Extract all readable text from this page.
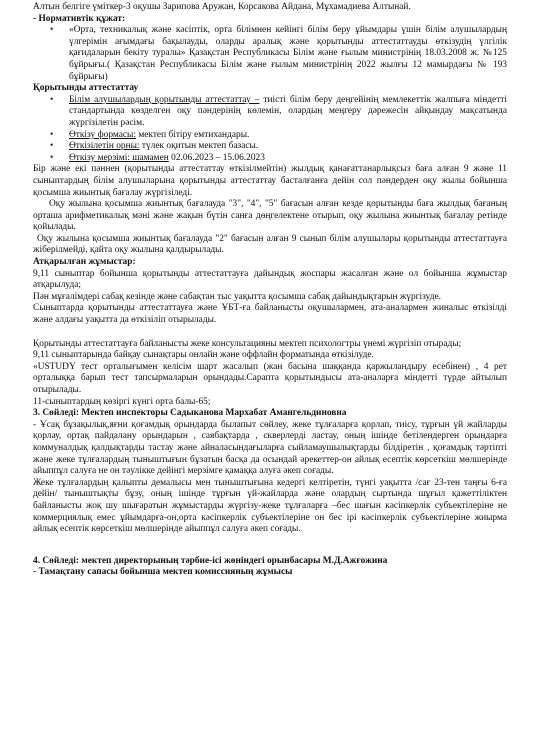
Алтын белгіге үміткер-3 оқушы Зарипова Аружан, Корсакова Айдана, Мұхамадиева Алтынай.

- Нормативтік құжат:

• «Орта, техникалық және кәсіптік, орта білімнен кейінгі білім беру ұйымдары үшін білім алушылардың үлгерімін ағымдағы бақылауды, оларды аралық және қорытынды аттестаттауды өткізудің үлгілік қағидаларын бекіту туралы» Қазақстан Республикасы Білім және ғылым министрінің 18.03.2008 ж. №125 бұйрығы.( Қазақстан Республикасы Білім және ғылым министрінің 2022 жылғы 12 мамырдағы № 193 бұйрығы)

Қорытынды аттестаттау

• Білім алушылардың қорытынды аттестаттау – тиісті білім беру деңгейінің мемлекеттік жалпыға міндетті стандартында көзделген оқу пәндерінің көлемін, олардың меңгеру дәрежесін айқындау мақсатында жүргізілетін рәсім.
• Өткізу формасы: мектеп бітіру емтихандары.
• Өткізілетін орны: түлек оқитын мектеп базасы.
• Өткізу мерзімі: шамамен 02.06.2023 – 15.06.2023

Бір және екі пәннен (қорытынды аттестаттау өткізілмейтін) жылдық қанағаттанарлықсыз баға алған 9 және 11 сыныптардың білім алушыларына қорытынды аттестаттау басталғанға дейін сол пәндерден оқу жылы бойынша қосымша жиынтық бағалау жүргізіледі.

Оқу жылына қосымша жиынтық бағалауда "3", "4", "5" бағасын алған кезде қорытынды баға жылдық бағаның орташа арифметикалық мәні және жақын бүтін санға дөңгелектене отырып, оқу жылына жиынтық бағалау ретінде қойылады.

Оқу жылына қосымша жиынтық бағалауда "2" бағасын алған 9 сынып білім алушылары қорытынды аттестаттауға жіберілмейді, қайта оқу жылына қалдырылады.

Атқарылған жұмыстар:

9,11 сыныптар бойынша қорытынды аттестаттауға дайындық жоспары жасалған және ол бойынша жұмыстар атқарылуда;

Пән мұғалімдері сабақ кезінде және сабақтан тыс уақытта қосымша сабақ дайындықтарын жүргізуде.

Сыныптарда қорытынды аттестаттауға және ҰБТ-ға байланысты оқушылармен, ата-аналармен жиналыс өткізілді және алдағы уақытта да өткізіліп отырылады.

Қорытынды аттестаттауға байланысты жеке консультацияны мектеп психологтры үнемі жүргізіп отырады;

9,11 сыныптарында байқау сынақтары онлайн және оффлайн форматында өткізілуде.

«USTUDY тест орталығымен келісім шарт жасалып (жан басына шаққанда қаржыландыру есебінен) , 4 рет орталыққа барып тест тапсырмаларын орындады.Сарапта қорытындысы ата-аналарға міндетті түрде айтылып отырылады.

11-сыныптардың көзіргі күнгі орта балы-65;

3. Сөйледі: Мектеп инспекторы Садыканова Мархабат Амангельдиновна

- Ұсақ бұзақылық,яғни қоғамдық орындарда былапыт сөйлеу, жеке тұлғаларға қорлап, тиісу, тұрғын үй жайларды қорлау, ортақ пайдалану орындарын , саябақтарда , скверлерді ластау, оның ішінде бетілендерген орындарға коммуналдық қалдықтарды тастау және айналасындағыларға сыйламаушылықтарды білдіретін , қоғамдық тәртіпті және жеке тұлғалардың тыныштығын бұзатын басқа да осындай әрекеттер-он айлық есептік көрсеткіш мөлшерінде айыппұл салуға не он тәулікке дейінгі мерзімге қамаққа алуға әкеп соғады.

Жеке тұлғалардың қалыпты демалысы мен тыныштығына кедергі келтіретін, түнгі уақытта /сағ 23-тен таңғы 6-ға дейін/ тыныштықты бұзу, оның ішінде тұрғын үй-жайларда және олардың сыртында шұғыл қажеттіліктен байланысты жоқ шу шығаратын жұмыстарды жүргізу-жеке тұлғаларға –бес шағын кәсіпкерлік субъектілеріне не коммерциялық емес ұйымдарға-он,орта кәсіпкерлік субъектілеріне он бес ірі кәсіпкерлік субъектілеріне жиырма айлық есептік көрсеткіш мөлшерінде айыппұл салуға әкеп соғады.

4. Сөйледі: мектеп директорының тәрбие-ісі жөніндегі орынбасары М.Д.Ажғожина

- Тамақтану сапасы бойынша мектеп комиссияның жұмысы
